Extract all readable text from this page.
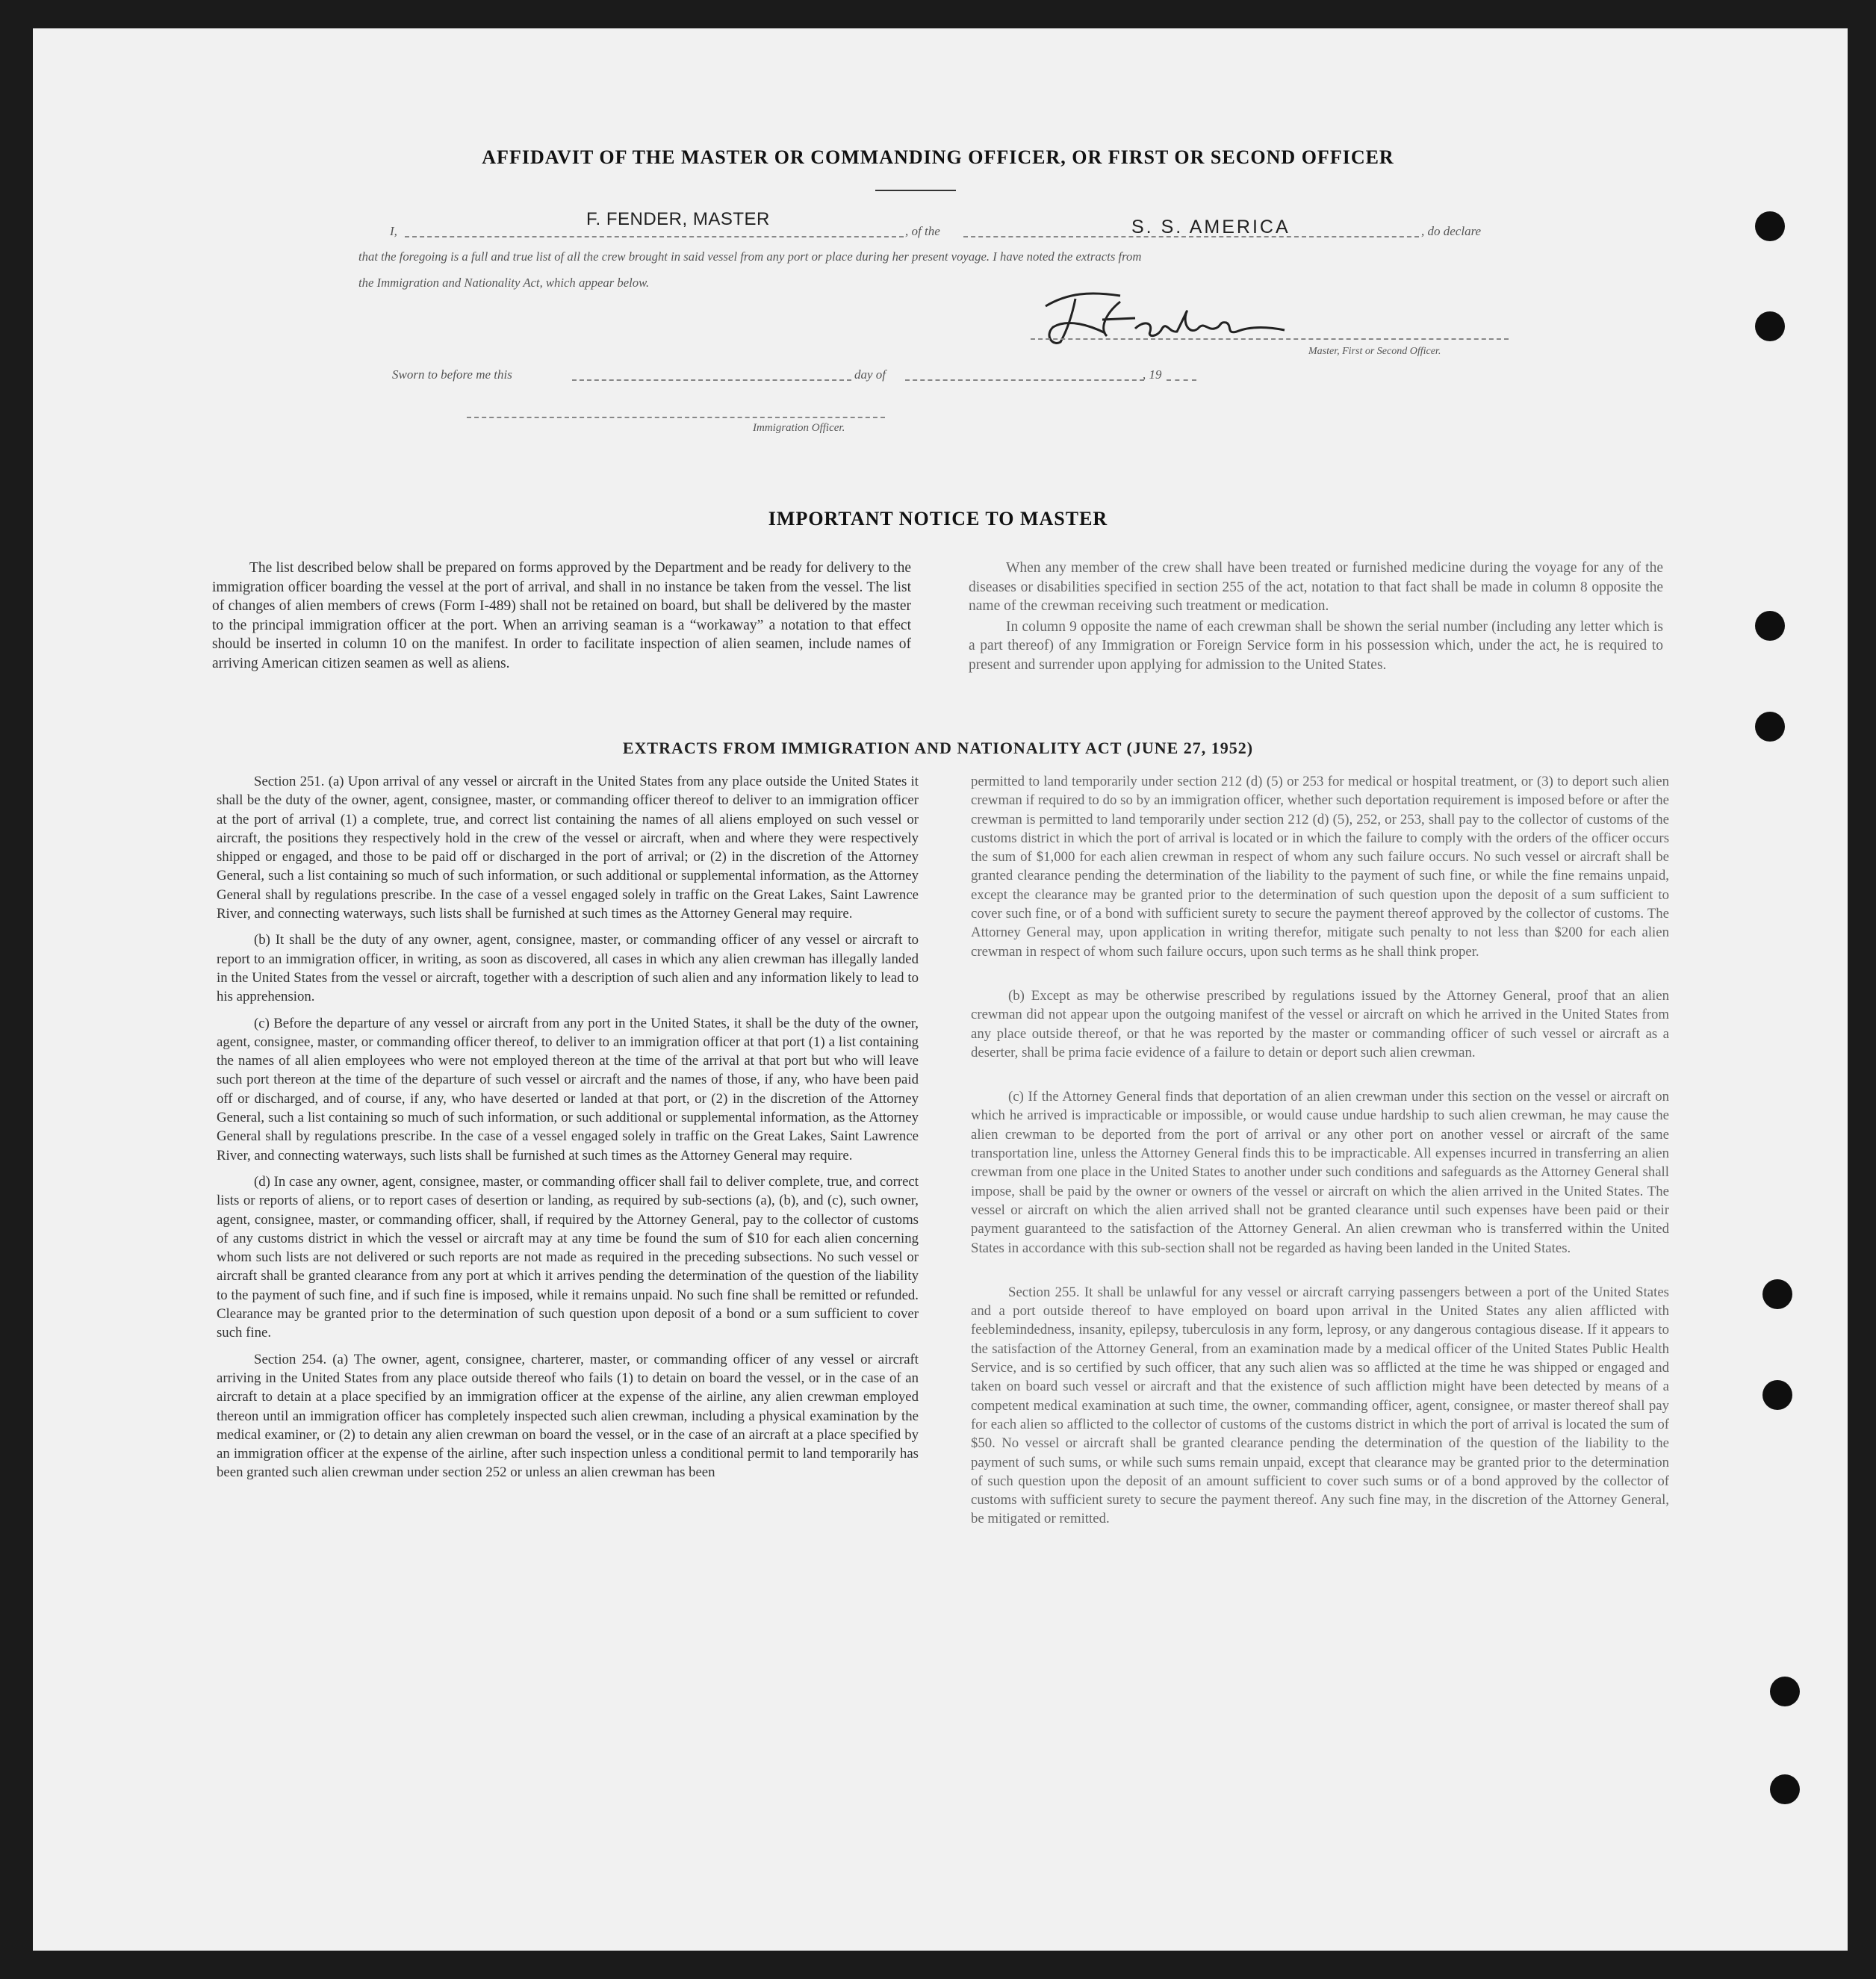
AFFIDAVIT OF THE MASTER OR COMMANDING OFFICER, OR FIRST OR SECOND OFFICER
I,
F. FENDER, MASTER
, of the	S. S. AMERICA	, do declare
that the foregoing is a full and true list of all the crew brought in said vessel from any port or place during her present voyage. I have noted the extracts from
the Immigration and Nationality Act, which appear below.
Master, First or Second Officer.
Sworn to before me this	day of	, 19
Immigration Officer.
IMPORTANT NOTICE TO MASTER

The list described below shall be prepared on forms approved by the Department and be ready for delivery to the immigration officer boarding the vessel at the port of arrival, and shall in no instance be taken from the vessel. The list of changes of alien members of crews (Form I-489) shall not be retained on board, but shall be delivered by the master to the principal immigration officer at the port. When an arriving seaman is a “workaway” a notation to that effect should be inserted in column 10 on the manifest. In order to facilitate inspection of alien seamen, include names of arriving American citizen seamen as well as aliens.

When any member of the crew shall have been treated or furnished medicine during the voyage for any of the diseases or disabilities specified in section 255 of the act, notation to that fact shall be made in column 8 opposite the name of the crewman receiving such treatment or medication.

In column 9 opposite the name of each crewman shall be shown the serial number (including any letter which is a part thereof) of any Immigration or Foreign Service form in his possession which, under the act, he is required to present and surrender upon applying for admission to the United States.

EXTRACTS FROM IMMIGRATION AND NATIONALITY ACT (JUNE 27, 1952)

Section 251. (a) Upon arrival of any vessel or aircraft in the United States from any place outside the United States it shall be the duty of the owner, agent, consignee, master, or commanding officer thereof to deliver to an immigration officer at the port of arrival (1) a complete, true, and correct list containing the names of all aliens employed on such vessel or aircraft, the positions they respectively hold in the crew of the vessel or aircraft, when and where they were respectively shipped or engaged, and those to be paid off or discharged in the port of arrival; or (2) in the discretion of the Attorney General, such a list containing so much of such information, or such additional or supplemental information, as the Attorney General shall by regulations prescribe. In the case of a vessel engaged solely in traffic on the Great Lakes, Saint Lawrence River, and connecting waterways, such lists shall be furnished at such times as the Attorney General may require.

(b) It shall be the duty of any owner, agent, consignee, master, or commanding officer of any vessel or aircraft to report to an immigration officer, in writing, as soon as discovered, all cases in which any alien crewman has illegally landed in the United States from the vessel or aircraft, together with a description of such alien and any information likely to lead to his apprehension.

(c) Before the departure of any vessel or aircraft from any port in the United States, it shall be the duty of the owner, agent, consignee, master, or commanding officer thereof, to deliver to an immigration officer at that port (1) a list containing the names of all alien employees who were not employed thereon at the time of the arrival at that port but who will leave such port thereon at the time of the departure of such vessel or aircraft and the names of those, if any, who have been paid off or discharged, and of course, if any, who have deserted or landed at that port, or (2) in the discretion of the Attorney General, such a list containing so much of such information, or such additional or supplemental information, as the Attorney General shall by regulations prescribe. In the case of a vessel engaged solely in traffic on the Great Lakes, Saint Lawrence River, and connecting waterways, such lists shall be furnished at such times as the Attorney General may require.

(d) In case any owner, agent, consignee, master, or commanding officer shall fail to deliver complete, true, and correct lists or reports of aliens, or to report cases of desertion or landing, as required by sub-sections (a), (b), and (c), such owner, agent, consignee, master, or commanding officer, shall, if required by the Attorney General, pay to the collector of customs of any customs district in which the vessel or aircraft may at any time be found the sum of $10 for each alien concerning whom such lists are not delivered or such reports are not made as required in the preceding subsections. No such vessel or aircraft shall be granted clearance from any port at which it arrives pending the determination of the question of the liability to the payment of such fine, and if such fine is imposed, while it remains unpaid. No such fine shall be remitted or refunded. Clearance may be granted prior to the determination of such question upon deposit of a bond or a sum sufficient to cover such fine.

Section 254. (a) The owner, agent, consignee, charterer, master, or commanding officer of any vessel or aircraft arriving in the United States from any place outside thereof who fails (1) to detain on board the vessel, or in the case of an aircraft to detain at a place specified by an immigration officer at the expense of the airline, any alien crewman employed thereon until an immigration officer has completely inspected such alien crewman, including a physical examination by the medical examiner, or (2) to detain any alien crewman on board the vessel, or in the case of an aircraft at a place specified by an immigration officer at the expense of the airline, after such inspection unless a conditional permit to land temporarily has been granted such alien crewman under section 252 or unless an alien crewman has been

permitted to land temporarily under section 212 (d) (5) or 253 for medical or hospital treatment, or (3) to deport such alien crewman if required to do so by an immigration officer, whether such deportation requirement is imposed before or after the crewman is permitted to land temporarily under section 212 (d) (5), 252, or 253, shall pay to the collector of customs of the customs district in which the port of arrival is located or in which the failure to comply with the orders of the officer occurs the sum of $1,000 for each alien crewman in respect of whom any such failure occurs. No such vessel or aircraft shall be granted clearance pending the determination of the liability to the payment of such fine, or while the fine remains unpaid, except the clearance may be granted prior to the determination of such question upon the deposit of a sum sufficient to cover such fine, or of a bond with sufficient surety to secure the payment thereof approved by the collector of customs. The Attorney General may, upon application in writing therefor, mitigate such penalty to not less than $200 for each alien crewman in respect of whom such failure occurs, upon such terms as he shall think proper.

(b) Except as may be otherwise prescribed by regulations issued by the Attorney General, proof that an alien crewman did not appear upon the outgoing manifest of the vessel or aircraft on which he arrived in the United States from any place outside thereof, or that he was reported by the master or commanding officer of such vessel or aircraft as a deserter, shall be prima facie evidence of a failure to detain or deport such alien crewman.

(c) If the Attorney General finds that deportation of an alien crewman under this section on the vessel or aircraft on which he arrived is impracticable or impossible, or would cause undue hardship to such alien crewman, he may cause the alien crewman to be deported from the port of arrival or any other port on another vessel or aircraft of the same transportation line, unless the Attorney General finds this to be impracticable. All expenses incurred in transferring an alien crewman from one place in the United States to another under such conditions and safeguards as the Attorney General shall impose, shall be paid by the owner or owners of the vessel or aircraft on which the alien arrived in the United States. The vessel or aircraft on which the alien arrived shall not be granted clearance until such expenses have been paid or their payment guaranteed to the satisfaction of the Attorney General. An alien crewman who is transferred within the United States in accordance with this sub-section shall not be regarded as having been landed in the United States.

Section 255. It shall be unlawful for any vessel or aircraft carrying passengers between a port of the United States and a port outside thereof to have employed on board upon arrival in the United States any alien afflicted with feeblemindedness, insanity, epilepsy, tuberculosis in any form, leprosy, or any dangerous contagious disease. If it appears to the satisfaction of the Attorney General, from an examination made by a medical officer of the United States Public Health Service, and is so certified by such officer, that any such alien was so afflicted at the time he was shipped or engaged and taken on board such vessel or aircraft and that the existence of such affliction might have been detected by means of a competent medical examination at such time, the owner, commanding officer, agent, consignee, or master thereof shall pay for each alien so afflicted to the collector of customs of the customs district in which the port of arrival is located the sum of $50. No vessel or aircraft shall be granted clearance pending the determination of the question of the liability to the payment of such sums, or while such sums remain unpaid, except that clearance may be granted prior to the determination of such question upon the deposit of an amount sufficient to cover such sums or of a bond approved by the collector of customs with sufficient surety to secure the payment thereof. Any such fine may, in the discretion of the Attorney General, be mitigated or remitted.
